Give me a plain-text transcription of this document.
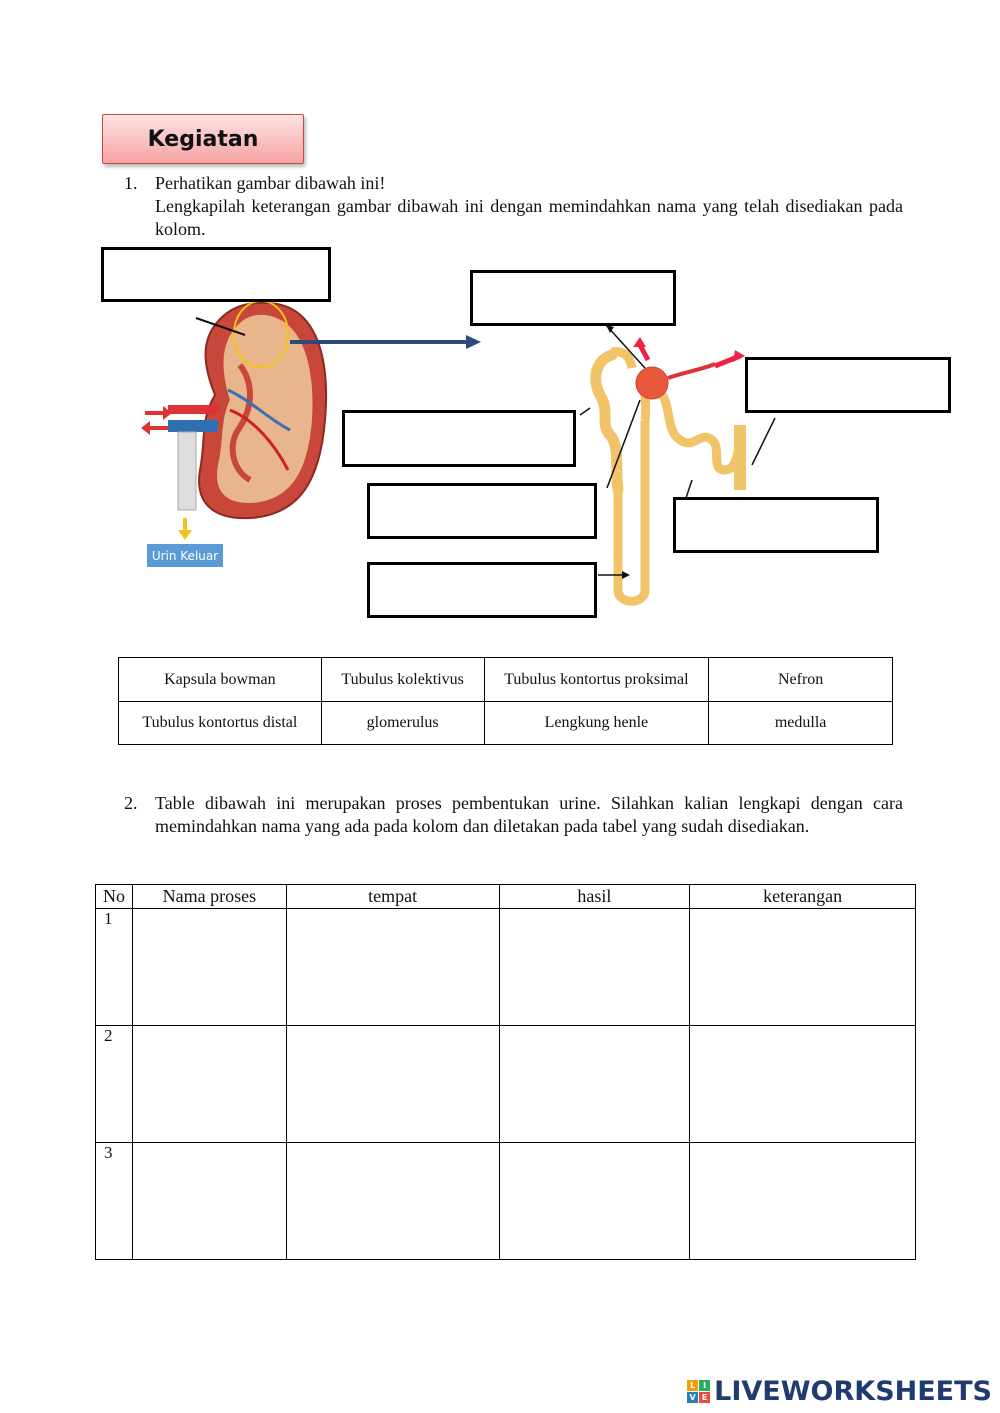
Kegiatan
1. Perhatikan gambar dibawah ini!
Lengkapilah keterangan gambar dibawah ini dengan memindahkan nama yang telah disediakan pada kolom.
Urin Keluar
Kapsula bowman	Tubulus kolektivus	Tubulus kontortus proksimal	Nefron
Tubulus kontortus distal	glomerulus	Lengkung henle	medulla
2. Table dibawah ini merupakan proses pembentukan urine. Silahkan kalian lengkapi dengan cara memindahkan nama yang ada pada kolom dan diletakan pada tabel yang sudah disediakan.
No	Nama proses	tempat	hasil	keterangan
1				
2				
3				
L I
V E LIVEWORKSHEETS
